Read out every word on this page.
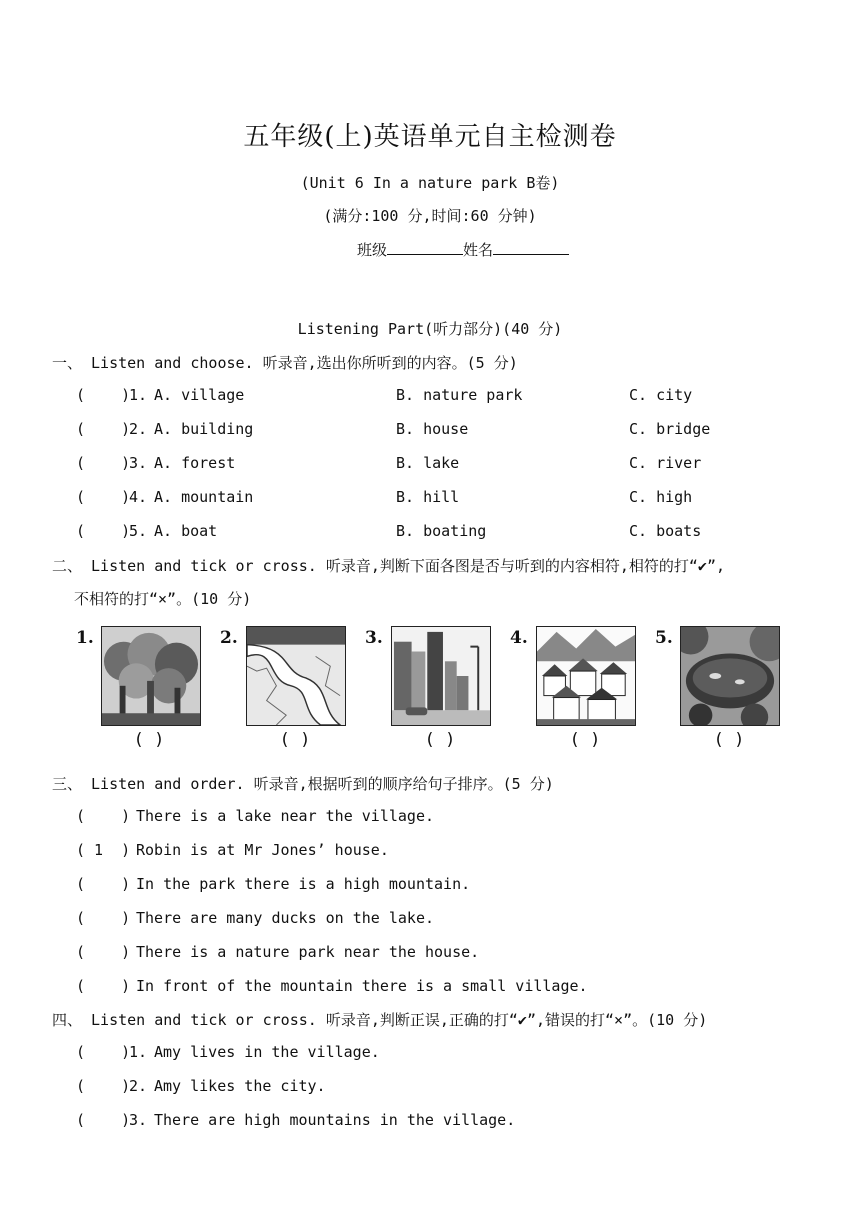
五年级(上)英语单元自主检测卷
(Unit 6 In a nature park B卷)
(满分:100 分,时间:60 分钟)
班级	姓名
Listening Part(听力部分)(40 分)
一、 Listen and choose. 听录音,选出你所听到的内容。(5 分)
(    )
1. A. village	B. nature park	C. city
(    )
2. A. building	B. house	C. bridge
(    )
3. A. forest	B. lake	C. river
(    )
4. A. mountain	B. hill	C. high
(    )
5. A. boat	B. boating	C. boats
二、 Listen and tick or cross. 听录音,判断下面各图是否与听到的内容相符,相符的打“✔”,
不相符的打“×”。(10 分)
1.
( )
2.
( )
3.
( )
4.
( )
5.
( )
三、 Listen and order. 听录音,根据听到的顺序给句子排序。(5 分)
(    ) There is a lake near the village.
( 1  ) Robin is at Mr Jones’ house.
(    ) In the park there is a high mountain.
(    ) There are many ducks on the lake.
(    ) There is a nature park near the house.
(    ) In front of the mountain there is a small village.
四、 Listen and tick or cross. 听录音,判断正误,正确的打“✔”,错误的打“×”。(10 分)
(    )
1. Amy lives in the village.
(    )
2. Amy likes the city.
(    )
3. There are high mountains in the village.
